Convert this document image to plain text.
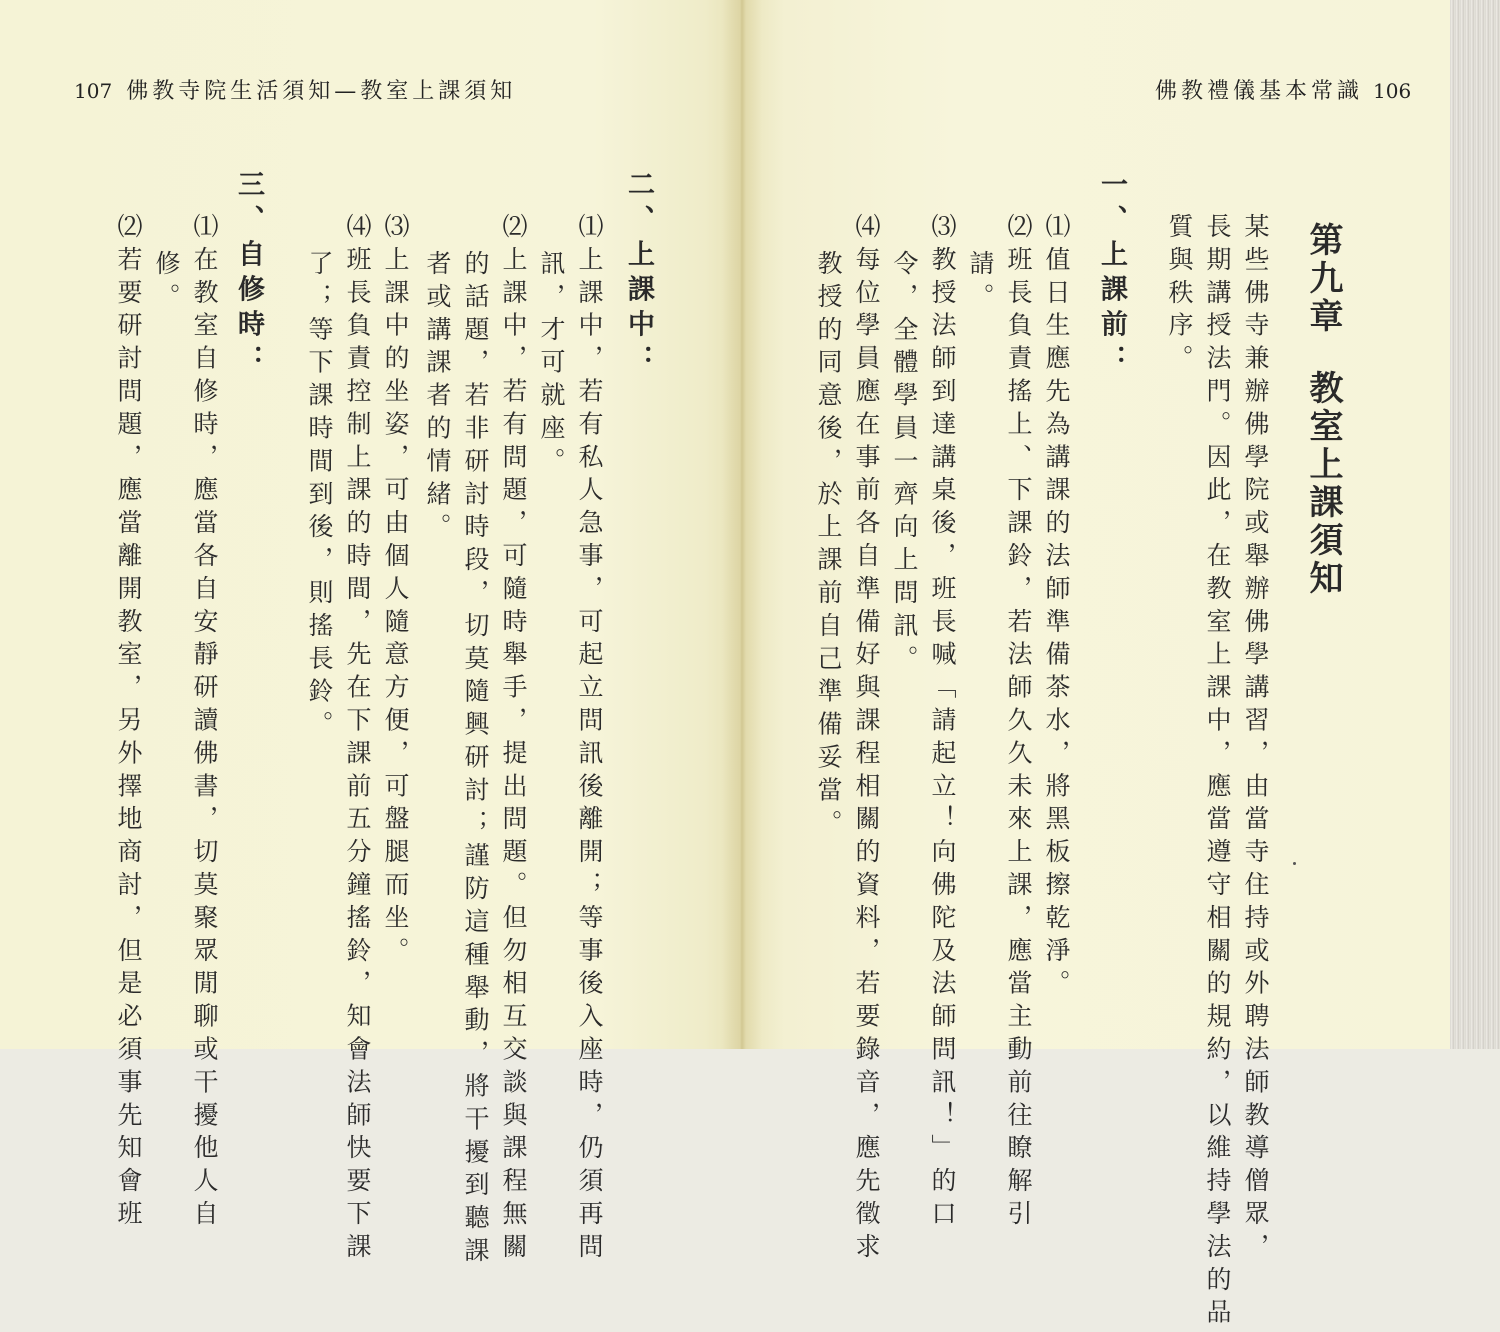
107 佛教寺院生活須知—教室上課須知	佛教禮儀基本常識 106
第九章教室上課須知
某些佛寺兼辦佛學院或舉辦佛學講習，由當寺住持或外聘法師教導僧眾，
長期講授法門。因此，在教室上課中，應當遵守相關的規約，以維持學法的品
質與秩序。
一、上課前：
⑴值日生應先為講課的法師準備茶水，將黑板擦乾淨。
⑵班長負責搖上、下課鈴，若法師久久未來上課，應當主動前往瞭解引
請。
⑶教授法師到達講桌後，班長喊「請起立！向佛陀及法師問訊！」的口
令，全體學員一齊向上問訊。
⑷每位學員應在事前各自準備好與課程相關的資料，若要錄音，應先徵求
教授的同意後，於上課前自己準備妥當。
二、上課中：
⑴上課中，若有私人急事，可起立問訊後離開；等事後入座時，仍須再問
訊，才可就座。
⑵上課中，若有問題，可隨時舉手，提出問題。但勿相互交談與課程無關
的話題，若非研討時段，切莫隨興研討；謹防這種舉動，將干擾到聽課
者或講課者的情緒。
⑶上課中的坐姿，可由個人隨意方便，可盤腿而坐。
⑷班長負責控制上課的時間，先在下課前五分鐘搖鈴，知會法師快要下課
了；等下課時間到後，則搖長鈴。
三、自修時：
⑴在教室自修時，應當各自安靜研讀佛書，切莫聚眾閒聊或干擾他人自
修。
⑵若要研討問題，應當離開教室，另外擇地商討，但是必須事先知會班
